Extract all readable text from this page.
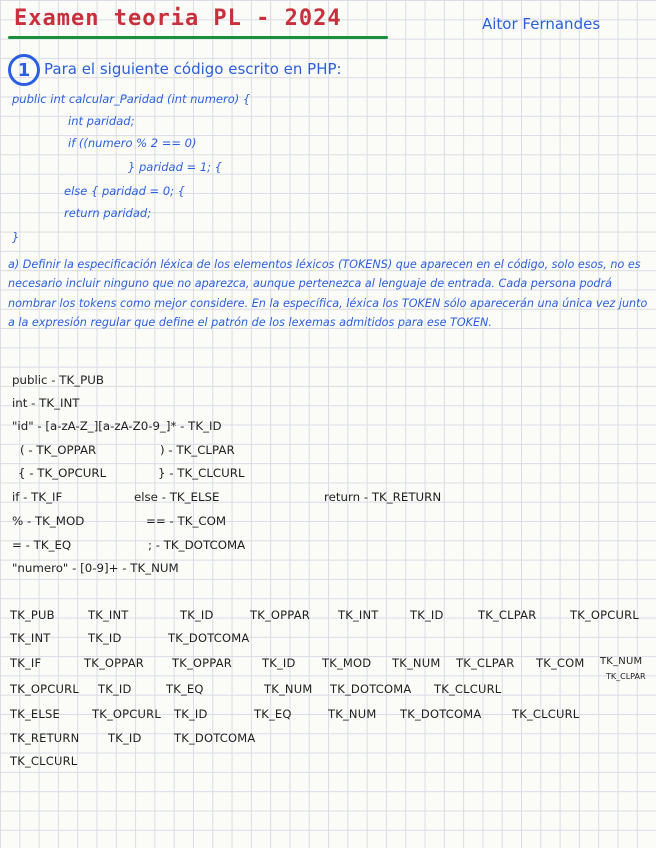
Examen teoria PL - 2024	Aitor Fernandes
1 Para el siguiente código escrito en PHP:
public int calcular_Paridad (int numero) {
int paridad;
if ((numero % 2 == 0)
} paridad = 1; {
else { paridad = 0; {
return paridad;
}
a) Definir la especificación léxica de los elementos léxicos (TOKENS) que aparecen en el código, solo esos, no es necesario incluir ninguno que no aparezca, aunque pertenezca al lenguaje de entrada. Cada persona podrá nombrar los tokens como mejor considere. En la específica, léxica los TOKEN sólo aparecerán una única vez junto a la expresión regular que define el patrón de los lexemas admitidos para ese TOKEN.
public - TK_PUB
int - TK_INT
"id" - [a-zA-Z_][a-zA-Z0-9_]* - TK_ID
( - TK_OPPAR	) - TK_CLPAR
{ - TK_OPCURL	} - TK_CLCURL
if - TK_IF	else - TK_ELSE	return - TK_RETURN
% - TK_MOD	== - TK_COM
= - TK_EQ	; - TK_DOTCOMA
"numero" - [0-9]+ - TK_NUM
TK_PUB	TK_INT	TK_ID	TK_OPPAR TK_INT	TK_ID	TK_CLPAR	TK_OPCURL
TK_INT	TK_ID	TK_DOTCOMA
TK_IF	TK_OPPAR TK_OPPAR	TK_ID TK_MOD TK_NUM TK_CLPAR TK_COM TK_NUM
TK_CLPAR
TK_OPCURL TK_ID	TK_EQ	TK_NUM TK_DOTCOMA TK_CLCURL
TK_ELSE	TK_OPCURL TK_ID	TK_EQ	TK_NUM TK_DOTCOMA	TK_CLCURL
TK_RETURN TK_ID	TK_DOTCOMA
TK_CLCURL
